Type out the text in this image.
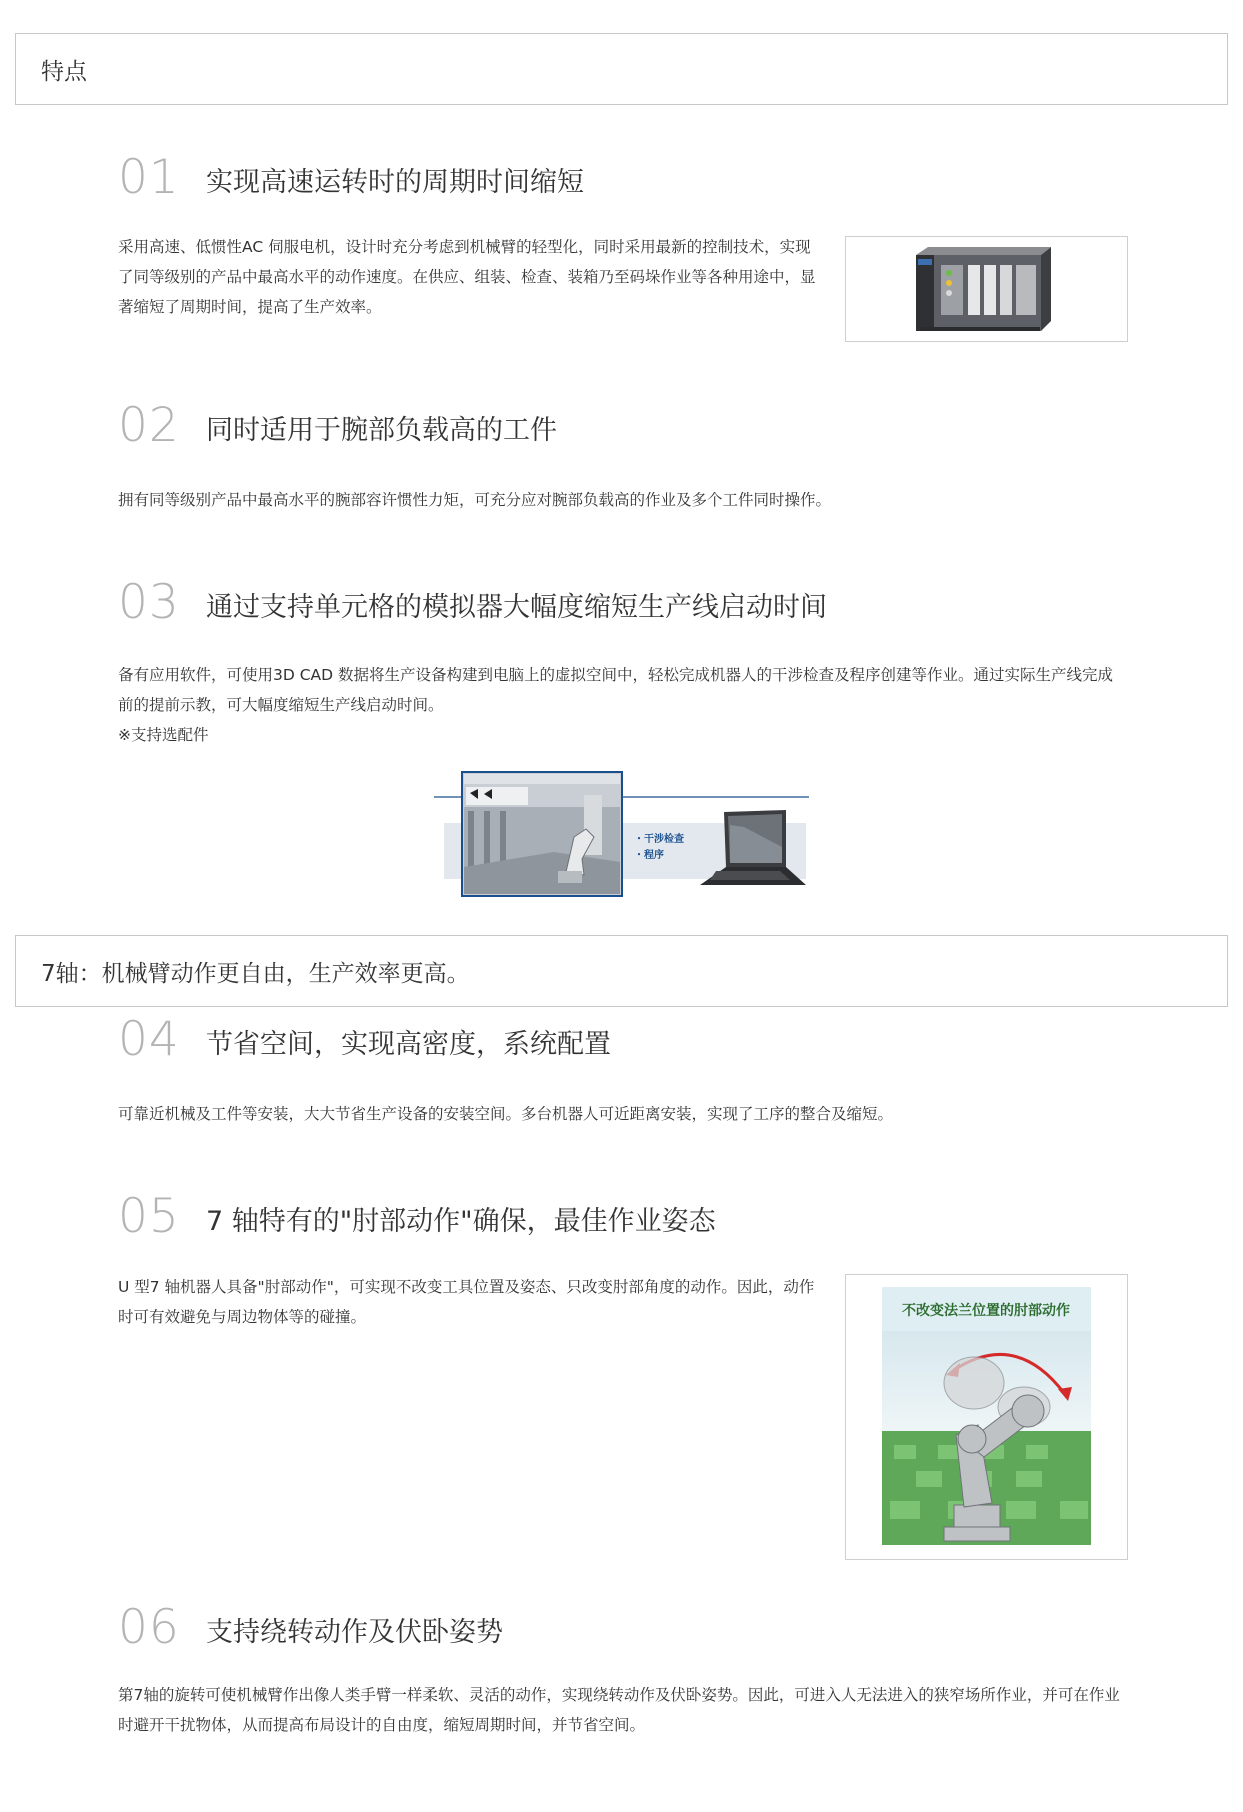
特点
01 实现高速运转时的周期时间缩短
采用高速、低惯性AC 伺服电机，设计时充分考虑到机械臂的轻型化，同时采用最新的控制技术，实现了同等级别的产品中最高水平的动作速度。在供应、组装、检查、装箱乃至码垛作业等各种用途中，显著缩短了周期时间，提高了生产效率。
02 同时适用于腕部负载高的工件
拥有同等级别产品中最高水平的腕部容许惯性力矩，可充分应对腕部负载高的作业及多个工件同时操作。
03 通过支持单元格的模拟器大幅度缩短生产线启动时间
备有应用软件，可使用3D CAD 数据将生产设备构建到电脑上的虚拟空间中，轻松完成机器人的干涉检查及程序创建等作业。通过实际生产线完成前的提前示教，可大幅度缩短生产线启动时间。
※支持选配件
・干涉检查
・程序
7轴：机械臂动作更自由，生产效率更高。
04 节省空间，实现高密度，系统配置
可靠近机械及工件等安装，大大节省生产设备的安装空间。多台机器人可近距离安装，实现了工序的整合及缩短。
05 7 轴特有的"肘部动作"确保，最佳作业姿态
U 型7 轴机器人具备"肘部动作"，可实现不改变工具位置及姿态、只改变肘部角度的动作。因此，动作时可有效避免与周边物体等的碰撞。	不改变法兰位置的肘部动作
06 支持绕转动作及伏卧姿势
第7轴的旋转可使机械臂作出像人类手臂一样柔软、灵活的动作，实现绕转动作及伏卧姿势。因此，可进入人无法进入的狭窄场所作业，并可在作业时避开干扰物体，从而提高布局设计的自由度，缩短周期时间，并节省空间。
